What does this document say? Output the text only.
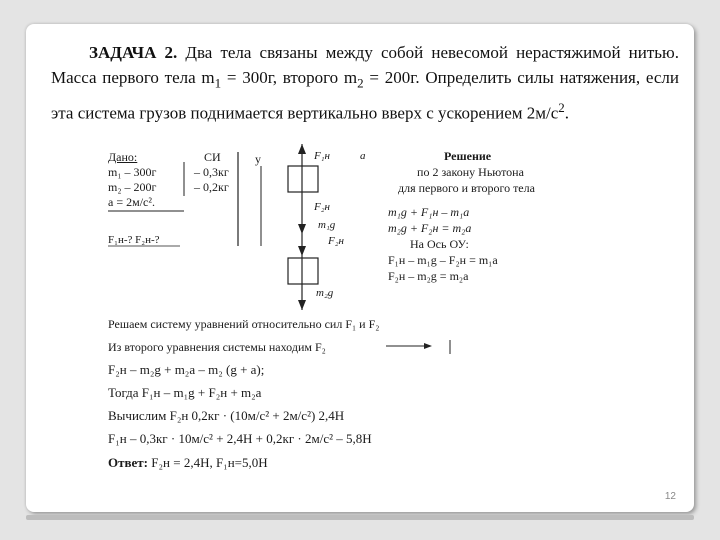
ЗАДАЧА 2. Два тела связаны между собой невесомой нерастяжимой нитью. Масса первого тела $m_1 = 300г$, второго $m_2 = 200г$. Определить силы натяжения, если эта система грузов поднимается вертикально вверх с ускорением $2м/с^2$.
Дано:
m₁ – 300г
m₂ – 200г
a = 2м/с².
F₁н-? F₂н-?
СИ
– 0,3кг
– 0,2кг
y	F₁н	a
F₂н
m₁g
F₂н
m₂g
Решение
по 2 закону Ньютона
для первого и второго тела
m₁g + F₁н – m₁a
m₂g + F₂н = m₂a
На Ось ОУ:
F₁н – m₁g – F₂н = m₁a
F₂н – m₂g = m₂a
Решаем систему уравнений относительно сил F₁ и F₂
Из второго уравнения системы находим F₂
F₂н – m₂g + m₂a – m₂ (g + a);
Тогда F₁н – m₁g + F₂н + m₂a
Вычислим F₂н 0,2кг · (10м/с² + 2м/с²) 2,4Н
F₁н – 0,3кг · 10м/с² + 2,4Н + 0,2кг · 2м/с² – 5,8Н
Ответ: F₂н = 2,4Н, F₁н=5,0Н
12
